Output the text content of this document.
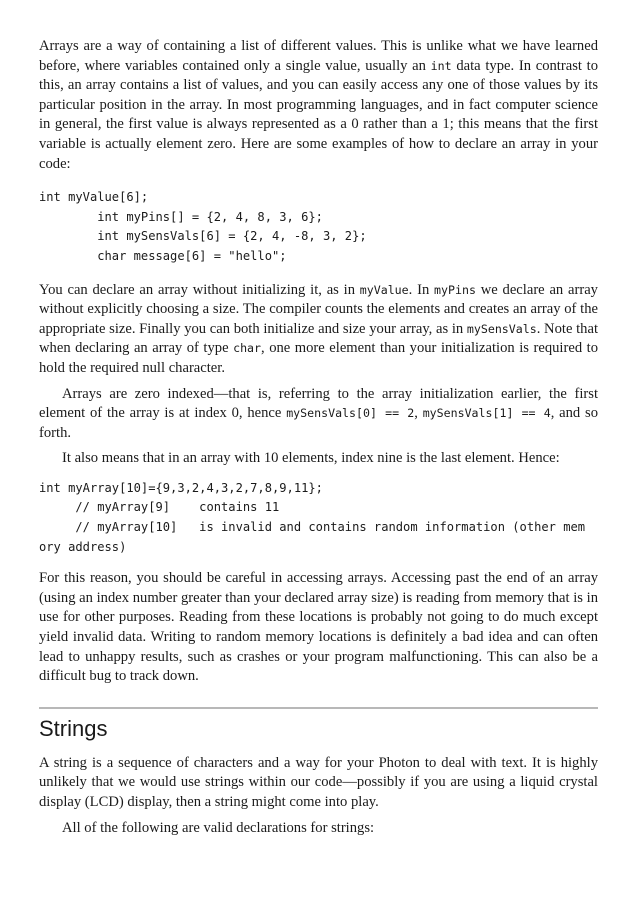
Arrays are a way of containing a list of different values. This is unlike what we have learned before, where variables contained only a single value, usually an int data type. In contrast to this, an array contains a list of values, and you can easily access any one of those values by its particular position in the array. In most programming languages, and in fact computer science in general, the first value is always represented as a 0 rather than a 1; this means that the first variable is actually element zero. Here are some examples of how to declare an array in your code:

int myValue[6];
int myPins[] = {2, 4, 8, 3, 6};
int mySensVals[6] = {2, 4, -8, 3, 2};
char message[6] = "hello";

You can declare an array without initializing it, as in myValue. In myPins we declare an array without explicitly choosing a size. The compiler counts the elements and creates an array of the appropriate size. Finally you can both initialize and size your array, as in mySensVals. Note that when declaring an array of type char, one more element than your initialization is required to hold the required null character.

Arrays are zero indexed—that is, referring to the array initialization earlier, the first element of the array is at index 0, hence mySensVals[0] == 2, mySensVals[1] == 4, and so forth.

It also means that in an array with 10 elements, index nine is the last element. Hence:

int myArray[10]={9,3,2,4,3,2,7,8,9,11};
// myArray[9]    contains 11
// myArray[10]   is invalid and contains random information (other mem
ory address)

For this reason, you should be careful in accessing arrays. Accessing past the end of an array (using an index number greater than your declared array size) is reading from memory that is in use for other purposes. Reading from these locations is probably not going to do much except yield invalid data. Writing to random memory locations is definitely a bad idea and can often lead to unhappy results, such as crashes or your program malfunctioning. This can also be a difficult bug to track down.

Strings

A string is a sequence of characters and a way for your Photon to deal with text. It is highly unlikely that we would use strings within our code—possibly if you are using a liquid crystal display (LCD) display, then a string might come into play.

All of the following are valid declarations for strings:
